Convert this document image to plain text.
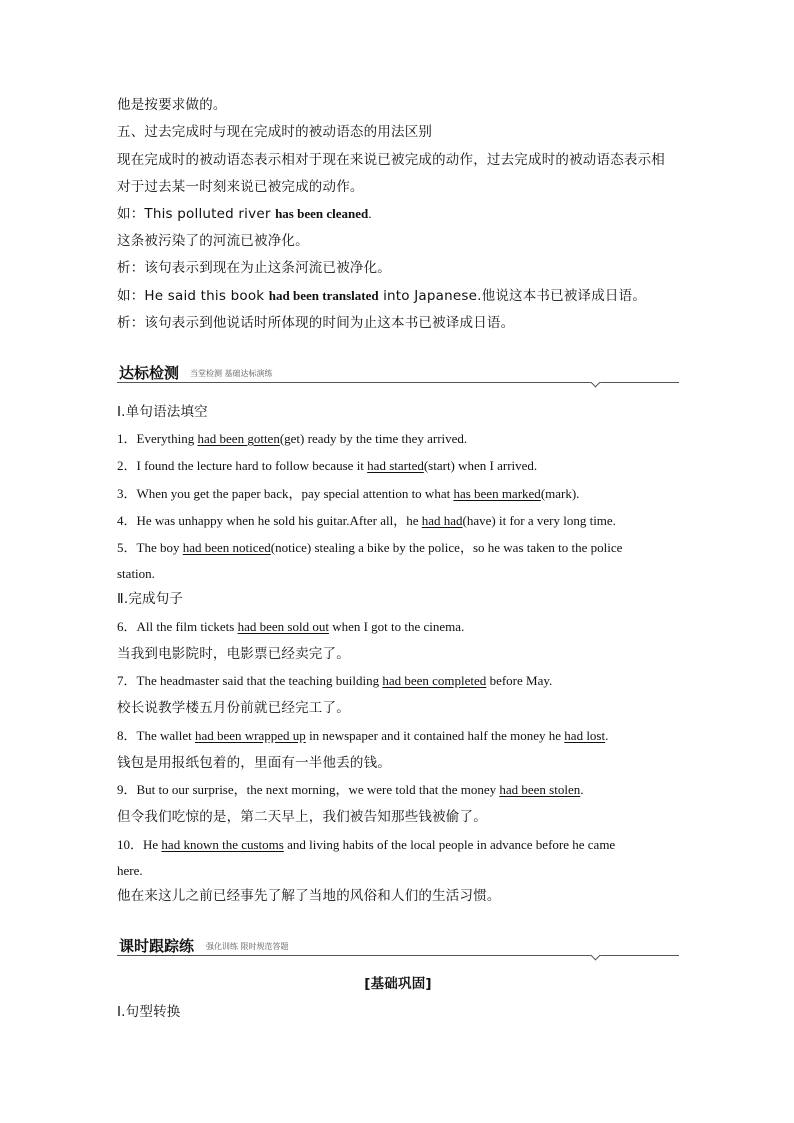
他是按要求做的。
五、过去完成时与现在完成时的被动语态的用法区别
现在完成时的被动语态表示相对于现在来说已被完成的动作，过去完成时的被动语态表示相
对于过去某一时刻来说已被完成的动作。
如：This polluted river has been cleaned.
这条被污染了的河流已被净化。
析：该句表示到现在为止这条河流已被净化。
如：He said this book had been translated into Japanese.他说这本书已被译成日语。
析：该句表示到他说话时所体现的时间为止这本书已被译成日语。
达标检测 当堂检测 基础达标演练
Ⅰ.单句语法填空
1．Everything had been gotten(get) ready by the time they arrived.
2．I found the lecture hard to follow because it had started(start) when I arrived.
3．When you get the paper back，pay special attention to what has been marked(mark).
4．He was unhappy when he sold his guitar.After all，he had had(have) it for a very long time.
5．The boy had been noticed(notice) stealing a bike by the police，so he was taken to the police
station.
Ⅱ.完成句子
6．All the film tickets had been sold out when I got to the cinema.
当我到电影院时，电影票已经卖完了。
7．The headmaster said that the teaching building had been completed before May.
校长说教学楼五月份前就已经完工了。
8．The wallet had been wrapped up in newspaper and it contained half the money he had lost.
钱包是用报纸包着的，里面有一半他丢的钱。
9．But to our surprise，the next morning，we were told that the money had been stolen.
但令我们吃惊的是，第二天早上，我们被告知那些钱被偷了。
10．He had known the customs and living habits of the local people in advance before he came
here.
他在来这儿之前已经事先了解了当地的风俗和人们的生活习惯。
课时跟踪练 强化训练 限时规范答题
[基础巩固]
Ⅰ.句型转换
